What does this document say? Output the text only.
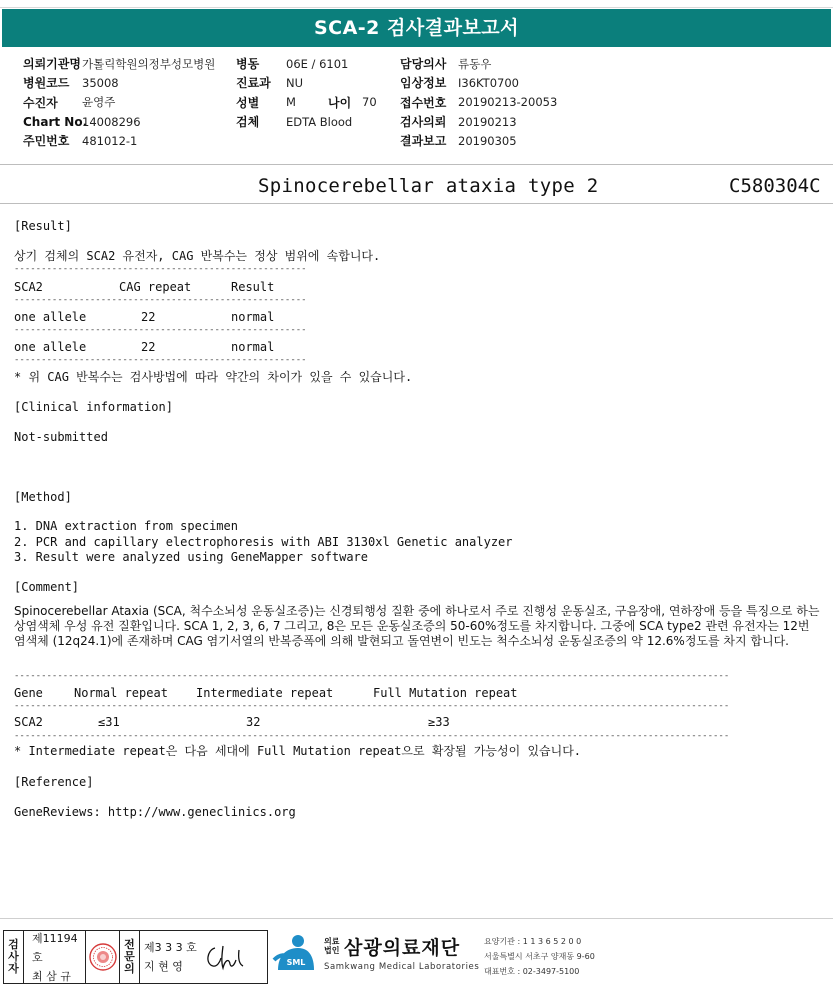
SCA-2 검사결과보고서
의뢰기관명 가톨릭학원의정부성모병원
병원코드	35008
수진자	윤영주
Chart No.
14008296
주민번호	481012-1
병동	06E / 6101
진료과	NU
성별	M	나이 70
검체	EDTA Blood
담당의사	류동우
임상정보	I36KT0700
접수번호	20190213-20053
검사의뢰	20190213
결과보고	20190305
Spinocerebellar ataxia type 2	C580304C
[Result]
상기 검체의 SCA2 유전자, CAG 반복수는 정상 범위에 속합니다.
------------------------------------------------------
SCA2	CAG repeat	Result
------------------------------------------------------
one allele	22	normal
------------------------------------------------------
one allele	22	normal
------------------------------------------------------
* 위 CAG 반복수는 검사방법에 따라 약간의 차이가 있을 수 있습니다.
[Clinical information]
Not-submitted
[Method]
1. DNA extraction from specimen
2. PCR and capillary electrophoresis with ABI 3130xl Genetic analyzer
3. Result were analyzed using GeneMapper software
[Comment]

Spinocerebellar Ataxia (SCA, 척수소뇌성 운동실조증)는 신경퇴행성 질환 중에 하나로서 주로 진행성 운동실조, 구음장애, 연하장애 등을 특징으로 하는 상염색체 우성 유전 질환입니다. SCA 1, 2, 3, 6, 7 그리고, 8은 모든 운동실조증의 50-60%정도를 차지합니다. 그중에 SCA type2 관련 유전자는 12번 염색체 (12q24.1)에 존재하며 CAG 염기서열의 반복증폭에 의해 발현되고 돌연변이 빈도는 척수소뇌성 운동실조증의 약 12.6%정도를 차지 합니다.

------------------------------------------------------------------------------------------------------------------------------------
Gene	Normal repeat Intermediate repeat	Full Mutation repeat
------------------------------------------------------------------------------------------------------------------------------------
SCA2	≤31	32	≥33
------------------------------------------------------------------------------------------------------------------------------------
* Intermediate repeat은 다음 세대에 Full Mutation repeat으로 확장될 가능성이 있습니다.
[Reference]
GeneReviews: http://www.geneclinics.org
검
사
자
제11194호
최 삼 규
전
문
의
제3 3 3 호
지 현 영	SML
의료법인 삼광의료재단
Samkwang Medical Laboratories
요양기관 : 1 1 3 6 5 2 0 0
서울특별시 서초구 양재동 9-60
대표번호 : 02-3497-5100
